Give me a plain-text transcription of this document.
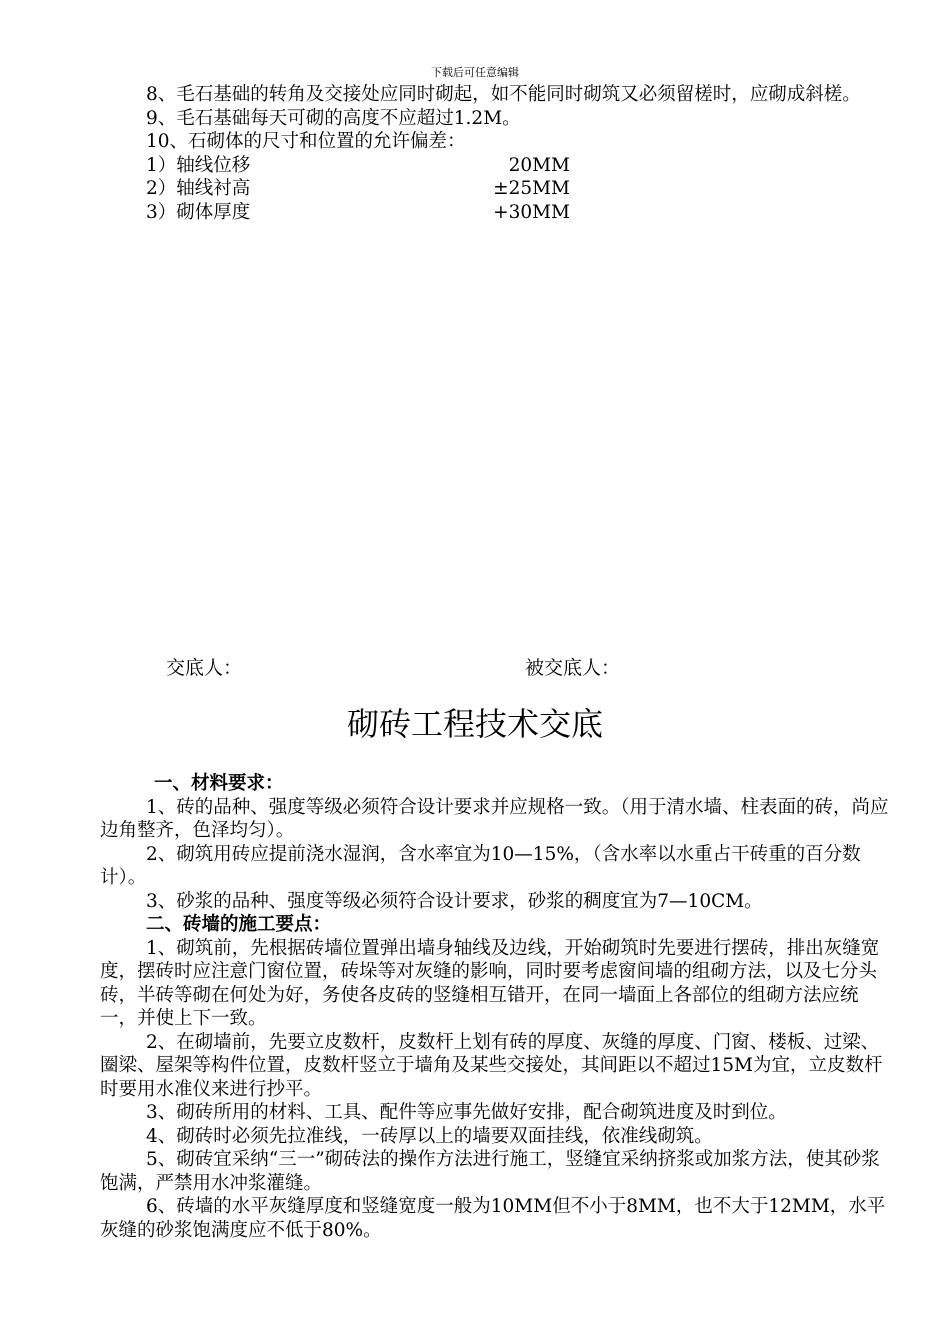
下载后可任意编辑

8、毛石基础的转角及交接处应同时砌起，如不能同时砌筑又必须留槎时，应砌成斜槎。

9、毛石基础每天可砌的高度不应超过1.2M。

10、石砌体的尺寸和位置的允许偏差：

1）轴线位移	20MM
2）轴线衬高	±25MM
3）砌体厚度	+30MM
交底人：	被交底人：
砌砖工程技术交底

一、材料要求：

1、砖的品种、强度等级必须符合设计要求并应规格一致。（用于清水墙、柱表面的砖，尚应边角整齐，色泽均匀）。

2、砌筑用砖应提前浇水湿润，含水率宜为10—15%，（含水率以水重占干砖重的百分数计）。

3、砂浆的品种、强度等级必须符合设计要求，砂浆的稠度宜为7—10CM。

二、砖墙的施工要点：

1、砌筑前，先根据砖墙位置弹出墙身轴线及边线，开始砌筑时先要进行摆砖，排出灰缝宽度，摆砖时应注意门窗位置，砖垛等对灰缝的影响，同时要考虑窗间墙的组砌方法，以及七分头砖，半砖等砌在何处为好，务使各皮砖的竖缝相互错开，在同一墙面上各部位的组砌方法应统一，并使上下一致。

2、在砌墙前，先要立皮数杆，皮数杆上划有砖的厚度、灰缝的厚度、门窗、楼板、过梁、圈梁、屋架等构件位置，皮数杆竖立于墙角及某些交接处，其间距以不超过15M为宜，立皮数杆时要用水准仪来进行抄平。

3、砌砖所用的材料、工具、配件等应事先做好安排，配合砌筑进度及时到位。

4、砌砖时必须先拉准线，一砖厚以上的墙要双面挂线，依准线砌筑。

5、砌砖宜采纳“三一”砌砖法的操作方法进行施工，竖缝宜采纳挤浆或加浆方法，使其砂浆饱满，严禁用水冲浆灌缝。

6、砖墙的水平灰缝厚度和竖缝宽度一般为10MM但不小于8MM，也不大于12MM，水平灰缝的砂浆饱满度应不低于80%。
